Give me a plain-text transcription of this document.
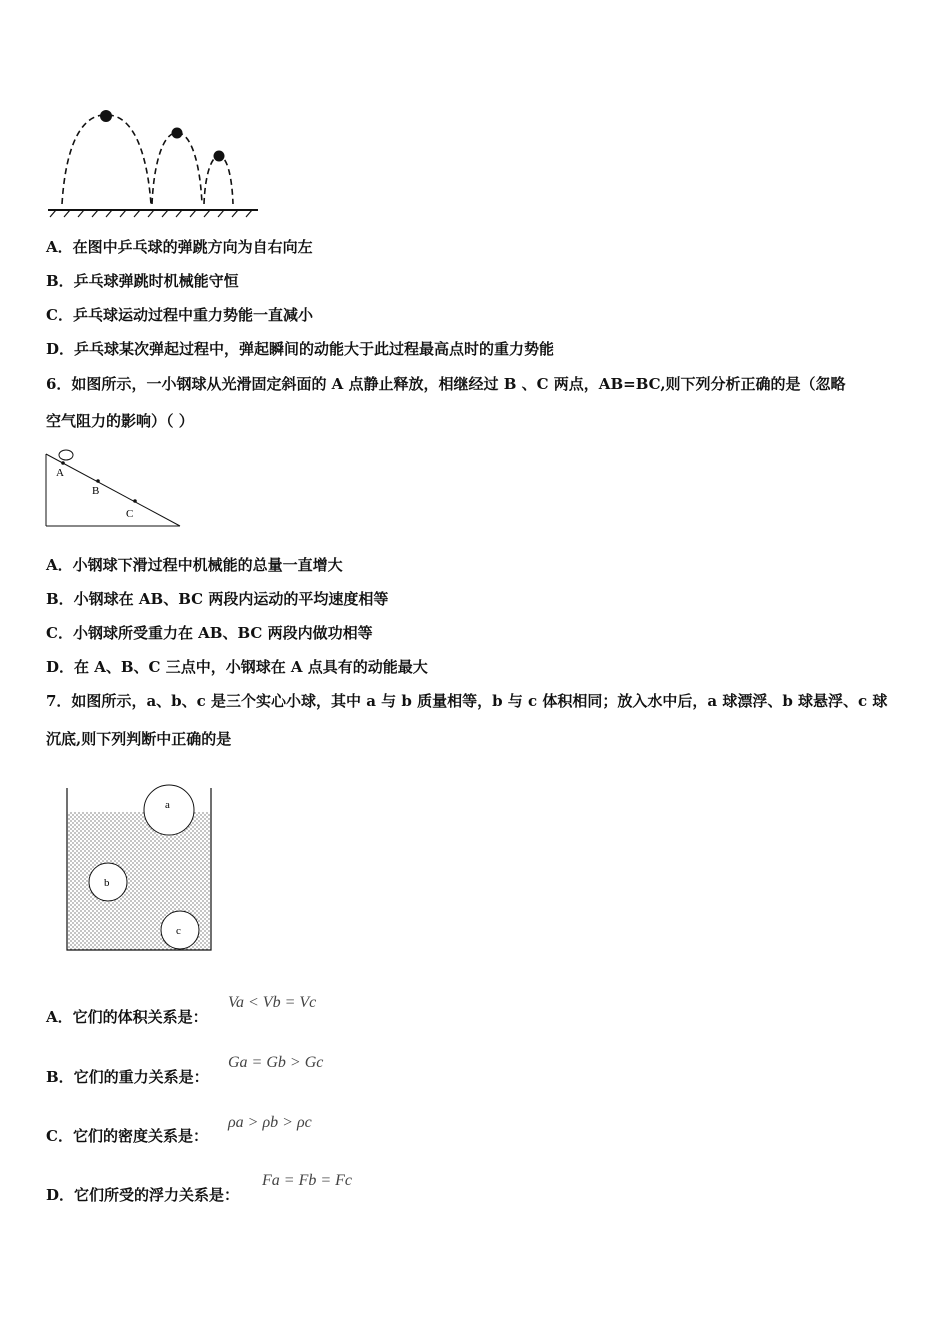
A．在图中乒乓球的弹跳方向为自右向左
B．乒乓球弹跳时机械能守恒
C．乒乓球运动过程中重力势能一直减小
D．乒乓球某次弹起过程中，弹起瞬间的动能大于此过程最高点时的重力势能
6．如图所示，一小钢球从光滑固定斜面的 A 点静止释放，相继经过 B 、C 两点，AB=BC,则下列分析正确的是（忽略
空气阻力的影响）（ ）
A
B
C
A．小钢球下滑过程中机械能的总量一直增大
B．小钢球在 AB、BC 两段内运动的平均速度相等
C．小钢球所受重力在 AB、BC 两段内做功相等
D．在 A、B、C 三点中，小钢球在 A 点具有的动能最大
7．如图所示，a、b、c 是三个实心小球，其中 a 与 b 质量相等，b 与 c 体积相同；放入水中后，a 球漂浮、b 球悬浮、c 球
沉底,则下列判断中正确的是
a
b
c
A．它们的体积关系是：
Va < Vb = Vc
B．它们的重力关系是：
Ga = Gb > Gc
C．它们的密度关系是：
ρa > ρb > ρc
D．它们所受的浮力关系是：
Fa = Fb = Fc
